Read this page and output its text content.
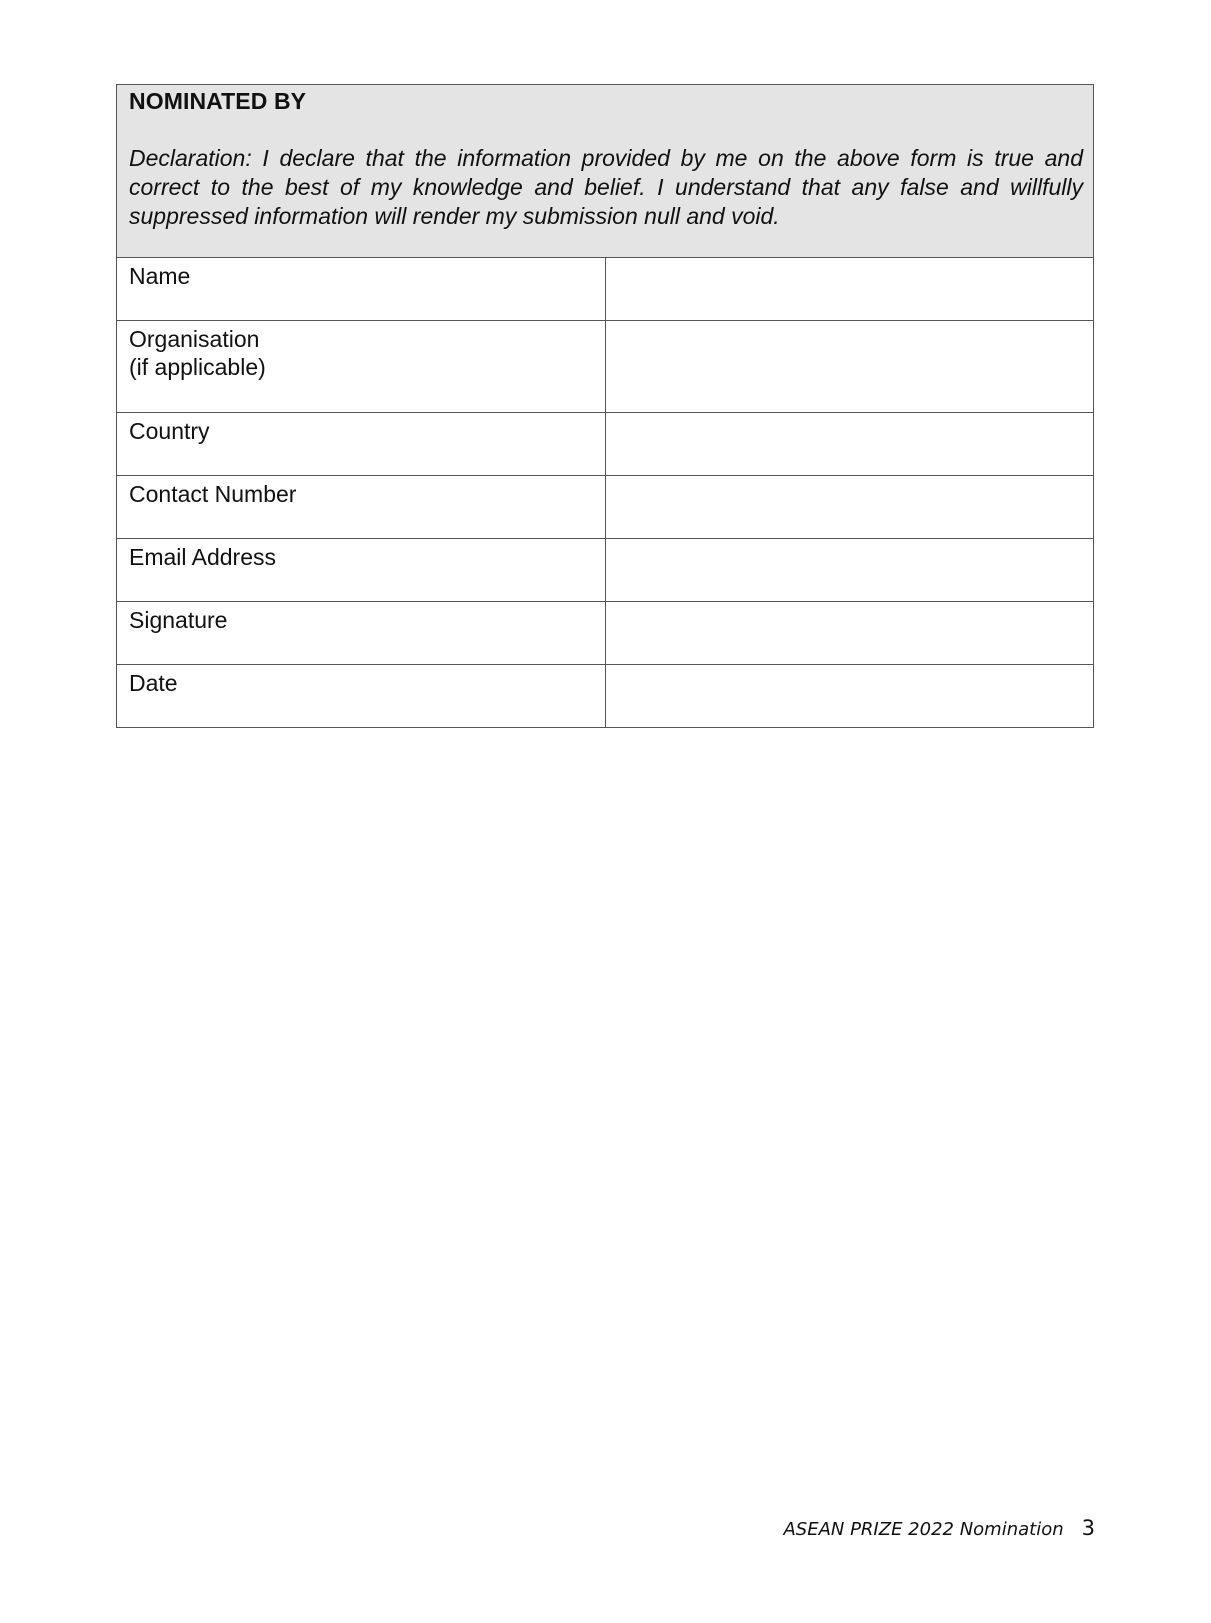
NOMINATED BY
Declaration: I declare that the information provided by me on the above form is true and correct to the best of my knowledge and belief. I understand that any false and willfully suppressed information will render my submission null and void.	

Name	

Organisation
(if applicable)	

Country	
Contact Number	
Email Address	
Signature	
Date	
ASEAN PRIZE 2022 Nomination 3
